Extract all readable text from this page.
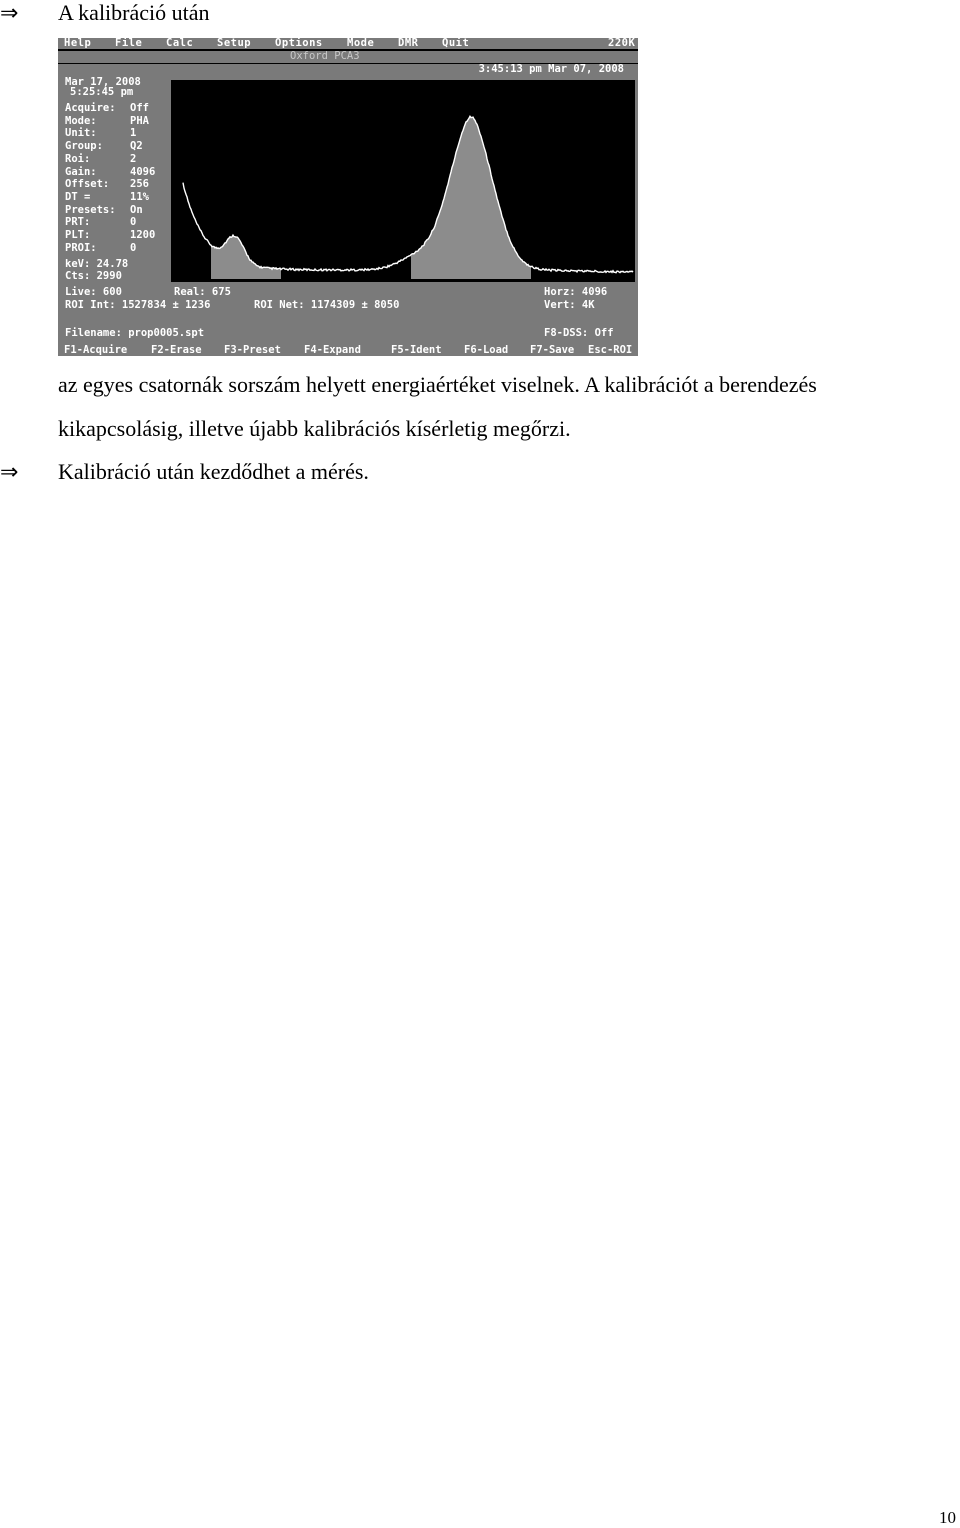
⇒ A kalibráció után
Help File Calc Setup Options Mode DMR Quit	220K
Oxford PCA3
3:45:13 pm Mar 07, 2008
Mar 17, 2008
5:25:45 pm
Acquire: Off
Mode:	PHA
Unit:	1
Group:	Q2
Roi:	2
Gain:	4096
Offset: 256
DT =	11%
Presets: On
PRT:	0
PLT:	1200
PROI:	0
keV: 24.78
Cts: 2990
Live: 600	Real: 675	Horz: 4096
ROI Int: 1527834 ± 1236	ROI Net: 1174309 ± 8050	Vert: 4K
Filename: prop0005.spt	F8-DSS: Off
F1-Acquire F2-Erase F3-Preset F4-Expand	F5-Ident F6-Load F7-Save Esc-ROI
az egyes csatornák sorszám helyett energiaértéket viselnek. A kalibrációt a berendezés
kikapcsolásig, illetve újabb kalibrációs kísérletig megőrzi.
⇒ Kalibráció után kezdődhet a mérés.
10
